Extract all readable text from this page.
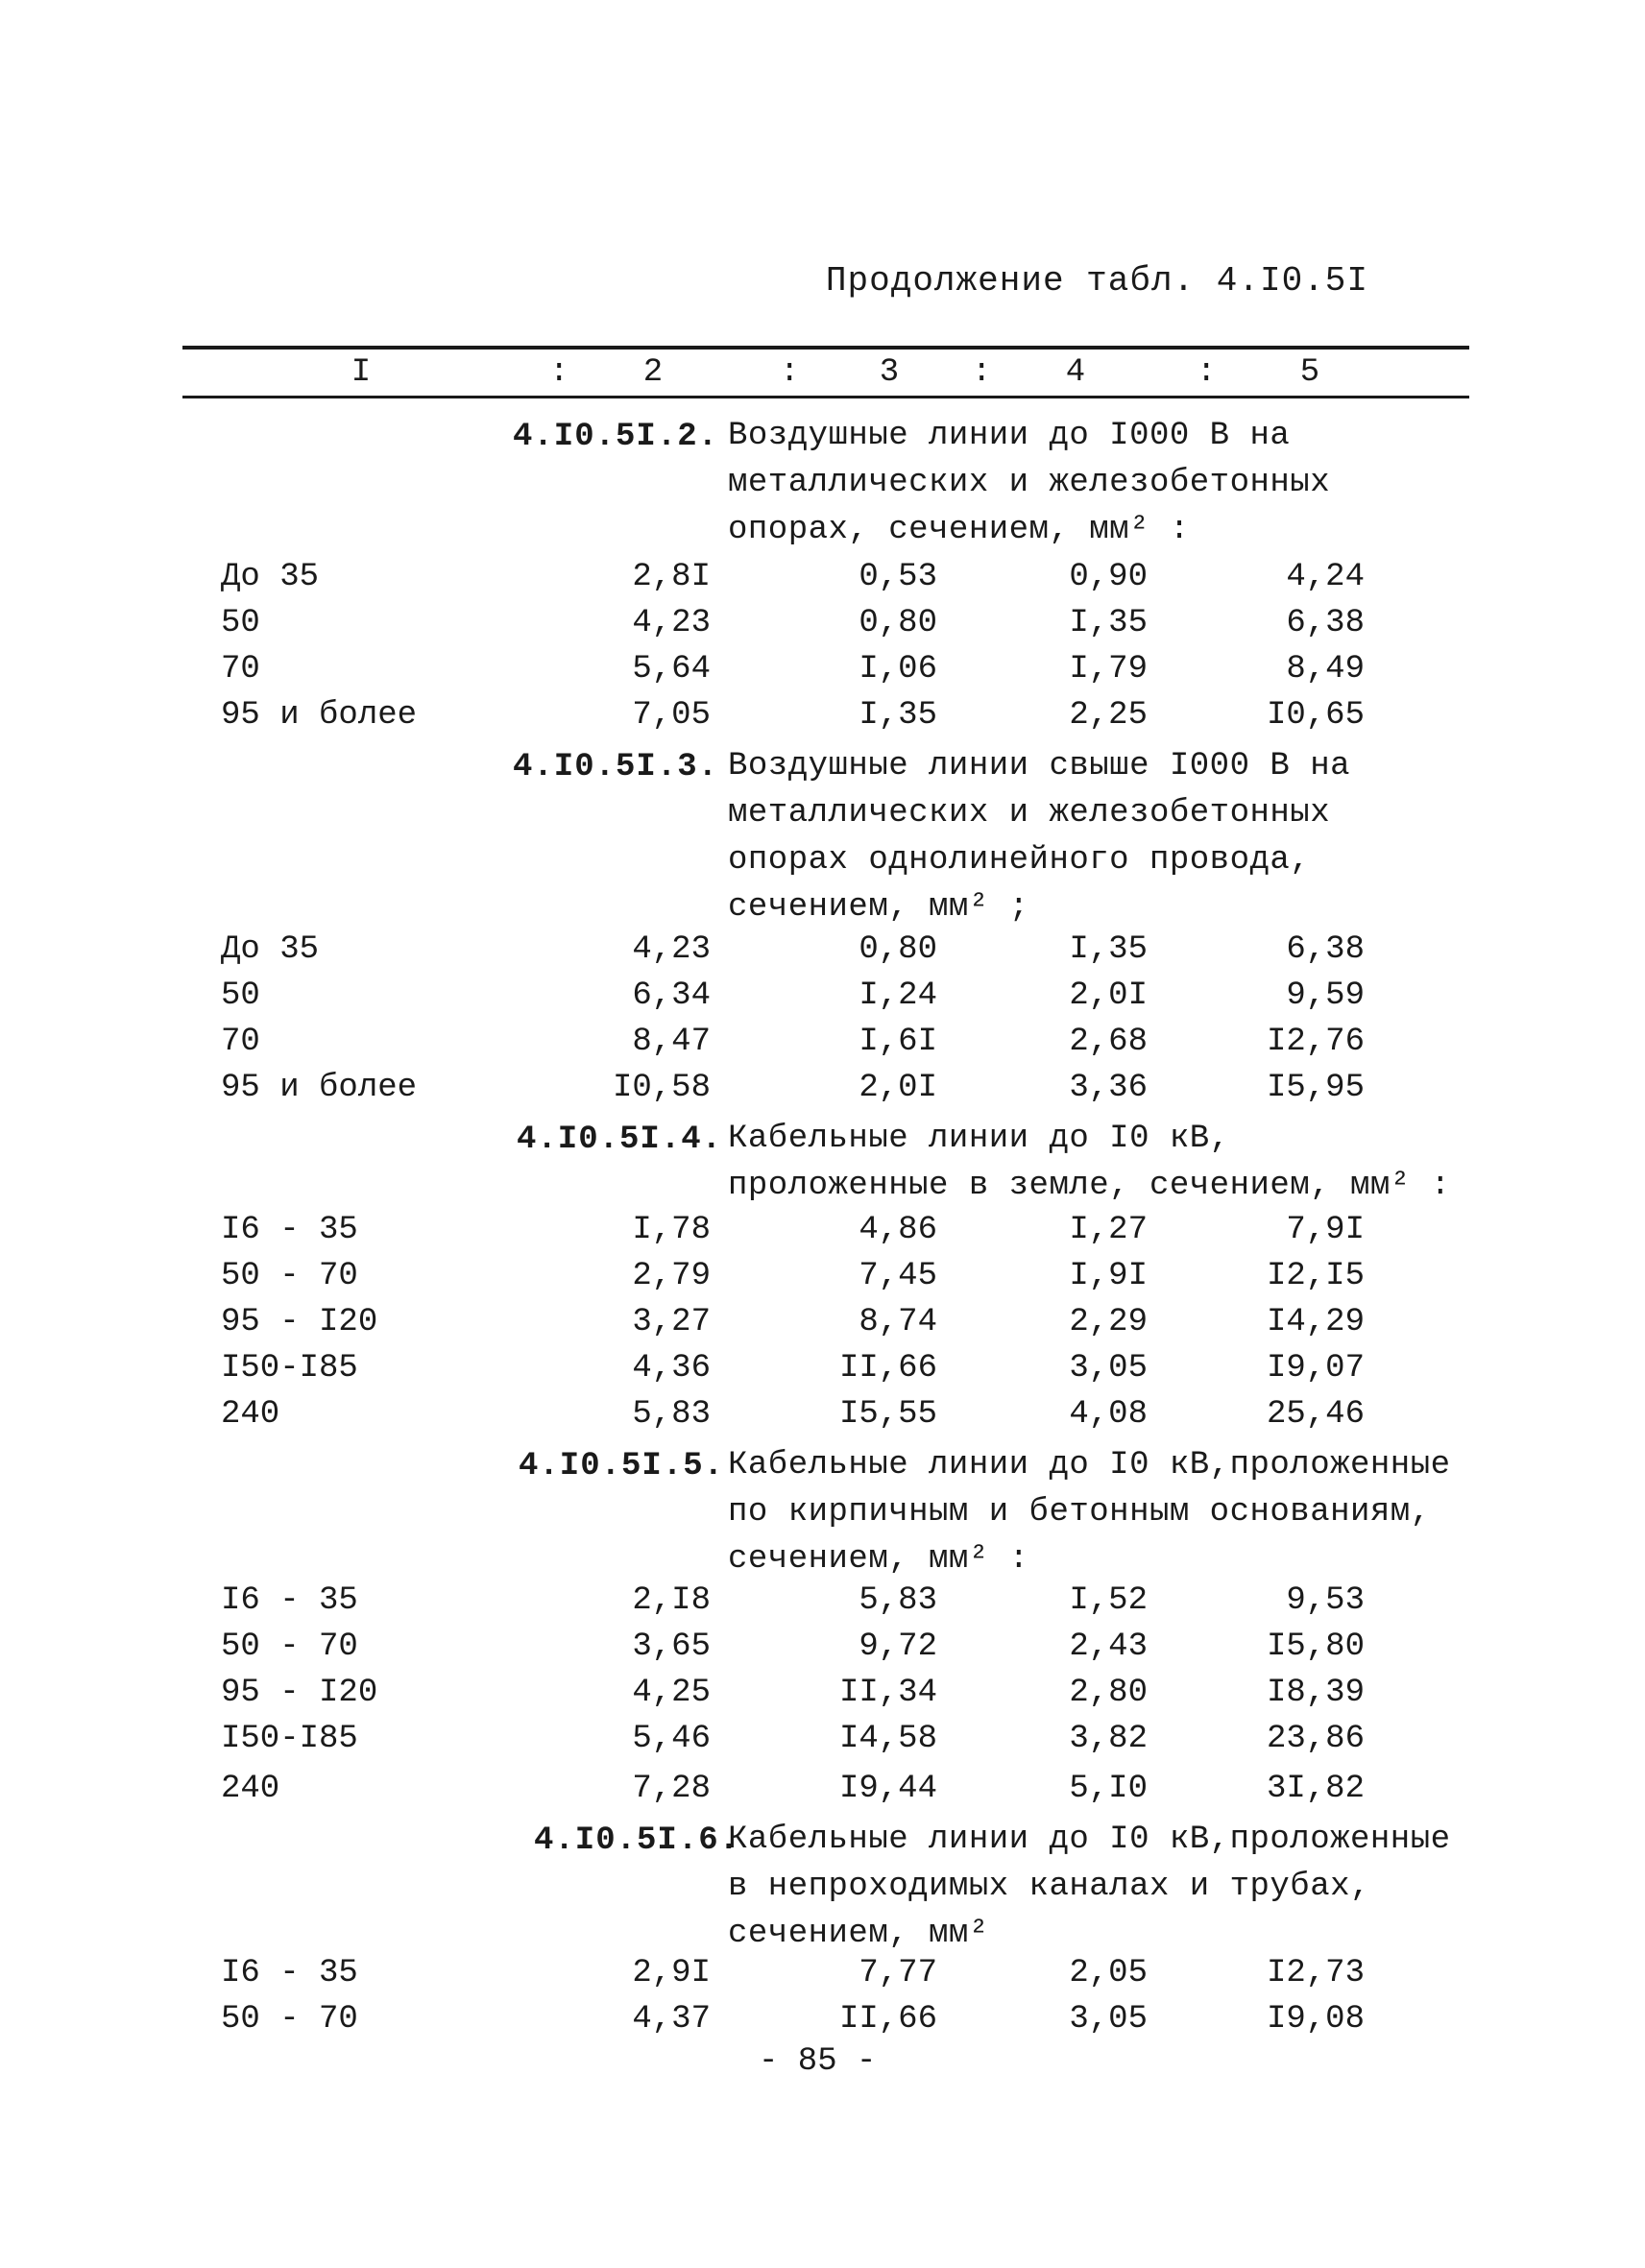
Продолжение табл. 4.I0.5I
I	:	2	:	3	:	4	:	5
4.I0.5I.2. Воздушные линии до I000 В на
металлических и железобетонных
опорах, сечением, мм² :
До 35	2,8I	0,53	0,90	4,24
50	4,23	0,80	I,35	6,38
70	5,64	I,06	I,79	8,49
95 и более	7,05	I,35	2,25	I0,65
4.I0.5I.3. Воздушные линии свыше I000 В на
металлических и железобетонных
опорах однолинейного провода,
сечением, мм² ;
До 35	4,23	0,80	I,35	6,38
50	6,34	I,24	2,0I	9,59
70	8,47	I,6I	2,68	I2,76
95 и более	I0,58	2,0I	3,36	I5,95
4.I0.5I.4. Кабельные линии до I0 кВ,
проложенные в земле, сечением, мм² :
I6 - 35	I,78	4,86	I,27	7,9I
50 - 70	2,79	7,45	I,9I	I2,I5
95 - I20	3,27	8,74	2,29	I4,29
I50-I85	4,36	II,66	3,05	I9,07
240	5,83	I5,55	4,08	25,46
4.I0.5I.5. Кабельные линии до I0 кВ,проложенные
по кирпичным и бетонным основаниям,
сечением, мм² :
I6 - 35	2,I8	5,83	I,52	9,53
50 - 70	3,65	9,72	2,43	I5,80
95 - I20	4,25	II,34	2,80	I8,39
I50-I85	5,46	I4,58	3,82	23,86
240	7,28	I9,44	5,I0	3I,82
4.I0.5I.6.
Кабельные линии до I0 кВ,проложенные
в непроходимых каналах и трубах,
сечением, мм²
I6 - 35	2,9I	7,77	2,05	I2,73
50 - 70	4,37	II,66	3,05	I9,08
- 85 -
